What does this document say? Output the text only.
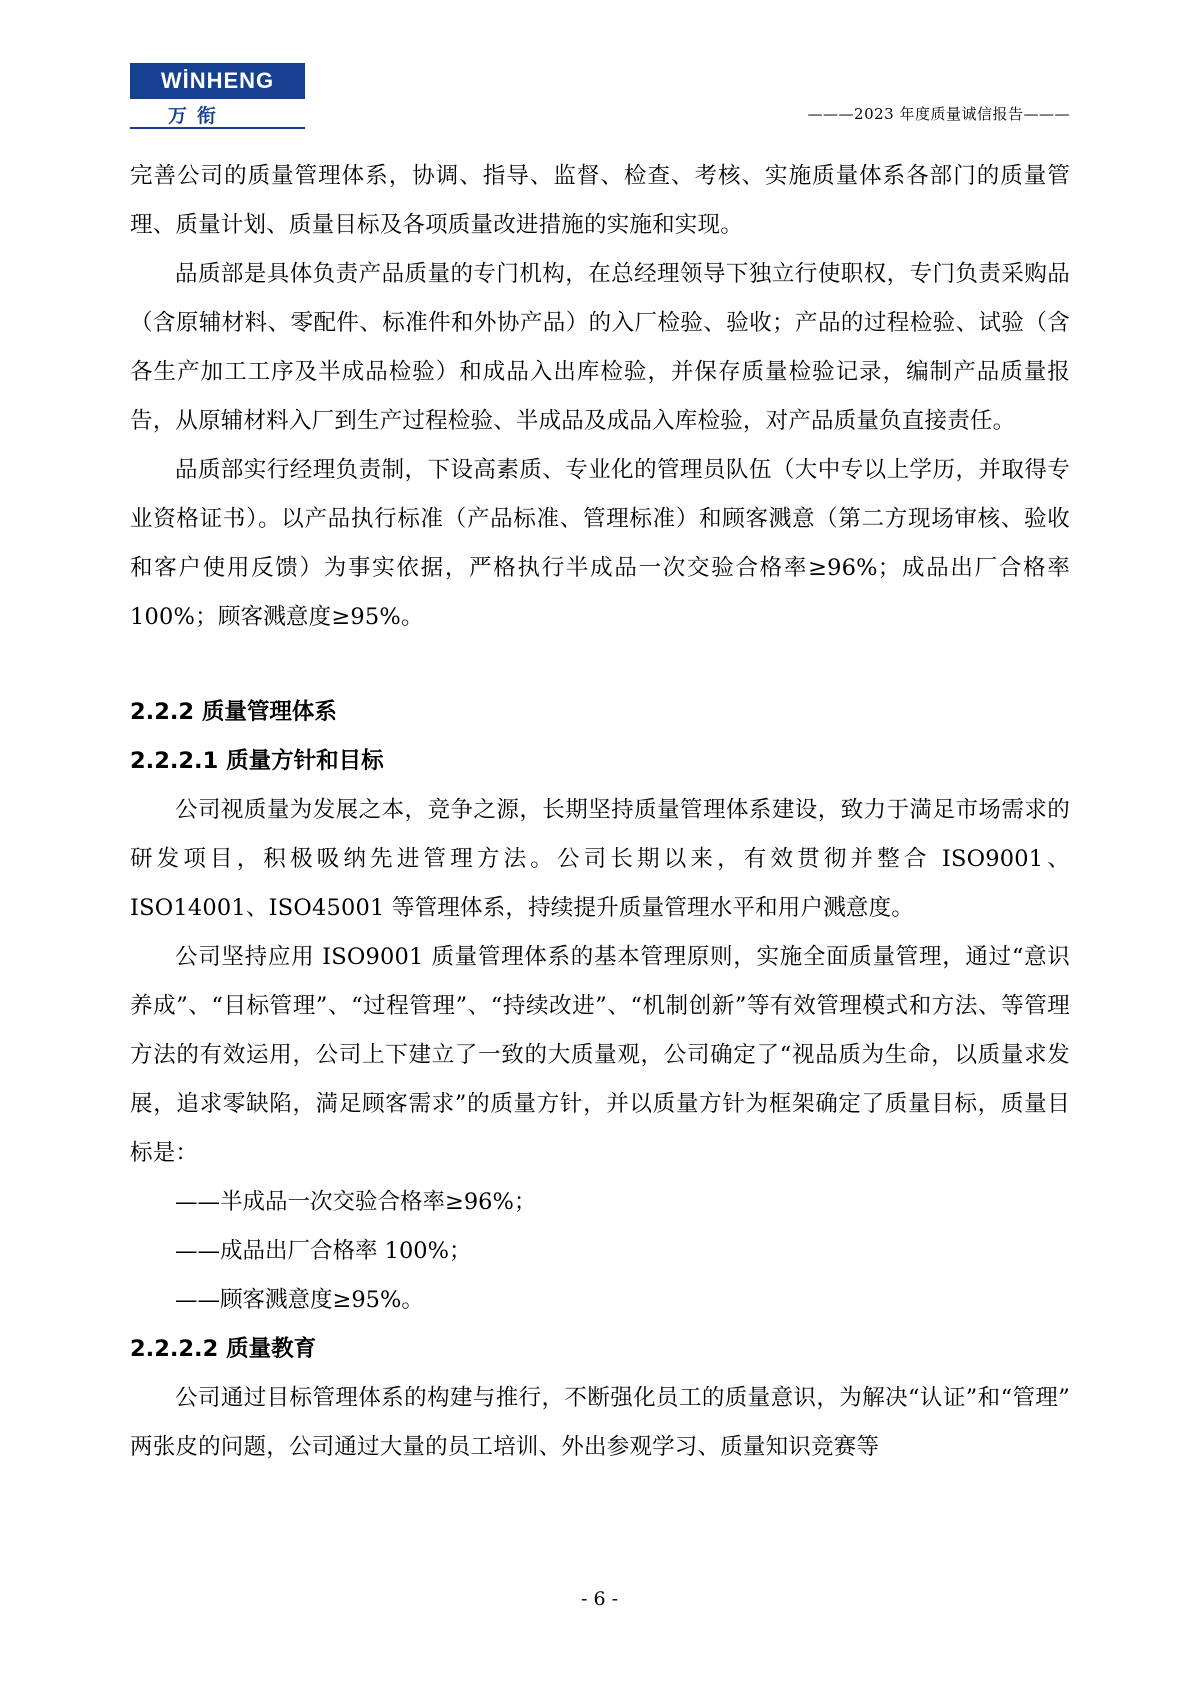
WİNHENG
万衔	———2023 年度质量诚信报告———

完善公司的质量管理体系，协调、指导、监督、检查、考核、实施质量体系各部门的质量管理、质量计划、质量目标及各项质量改进措施的实施和实现。

品质部是具体负责产品质量的专门机构，在总经理领导下独立行使职权，专门负责采购品（含原辅材料、零配件、标准件和外协产品）的入厂检验、验收；产品的过程检验、试验（含各生产加工工序及半成品检验）和成品入出库检验，并保存质量检验记录，编制产品质量报告，从原辅材料入厂到生产过程检验、半成品及成品入库检验，对产品质量负直接责任。

品质部实行经理负责制，下设高素质、专业化的管理员队伍（大中专以上学历，并取得专业资格证书）。以产品执行标准（产品标准、管理标准）和顾客溅意（第二方现场审核、验收和客户使用反馈）为事实依据，严格执行半成品一次交验合格率≥96%；成品出厂合格率 100%；顾客溅意度≥95%。

2.2.2 质量管理体系
2.2.2.1 质量方针和目标

公司视质量为发展之本，竞争之源，长期坚持质量管理体系建设，致力于満足市场需求的研发项目，积极吸纳先进管理方法。公司长期以来，有效贯彻并整合 ISO9001、ISO14001、ISO45001 等管理体系，持续提升质量管理水平和用户溅意度。

公司坚持应用 ISO9001 质量管理体系的基本管理原则，实施全面质量管理，通过“意识养成”、“目标管理”、“过程管理”、“持续改进”、“机制创新”等有效管理模式和方法、等管理方法的有效运用，公司上下建立了一致的大质量观，公司确定了“视品质为生命，以质量求发展，追求零缺陷，満足顾客需求”的质量方针，并以质量方针为框架确定了质量目标，质量目标是：

——半成品一次交验合格率≥96%；

——成品出厂合格率 100%；

——顾客溅意度≥95%。

2.2.2.2 质量教育

公司通过目标管理体系的构建与推行，不断强化员工的质量意识，为解决“认证”和“管理”两张皮的问题，公司通过大量的员工培训、外出参观学习、质量知识竞赛等

- 6 -
